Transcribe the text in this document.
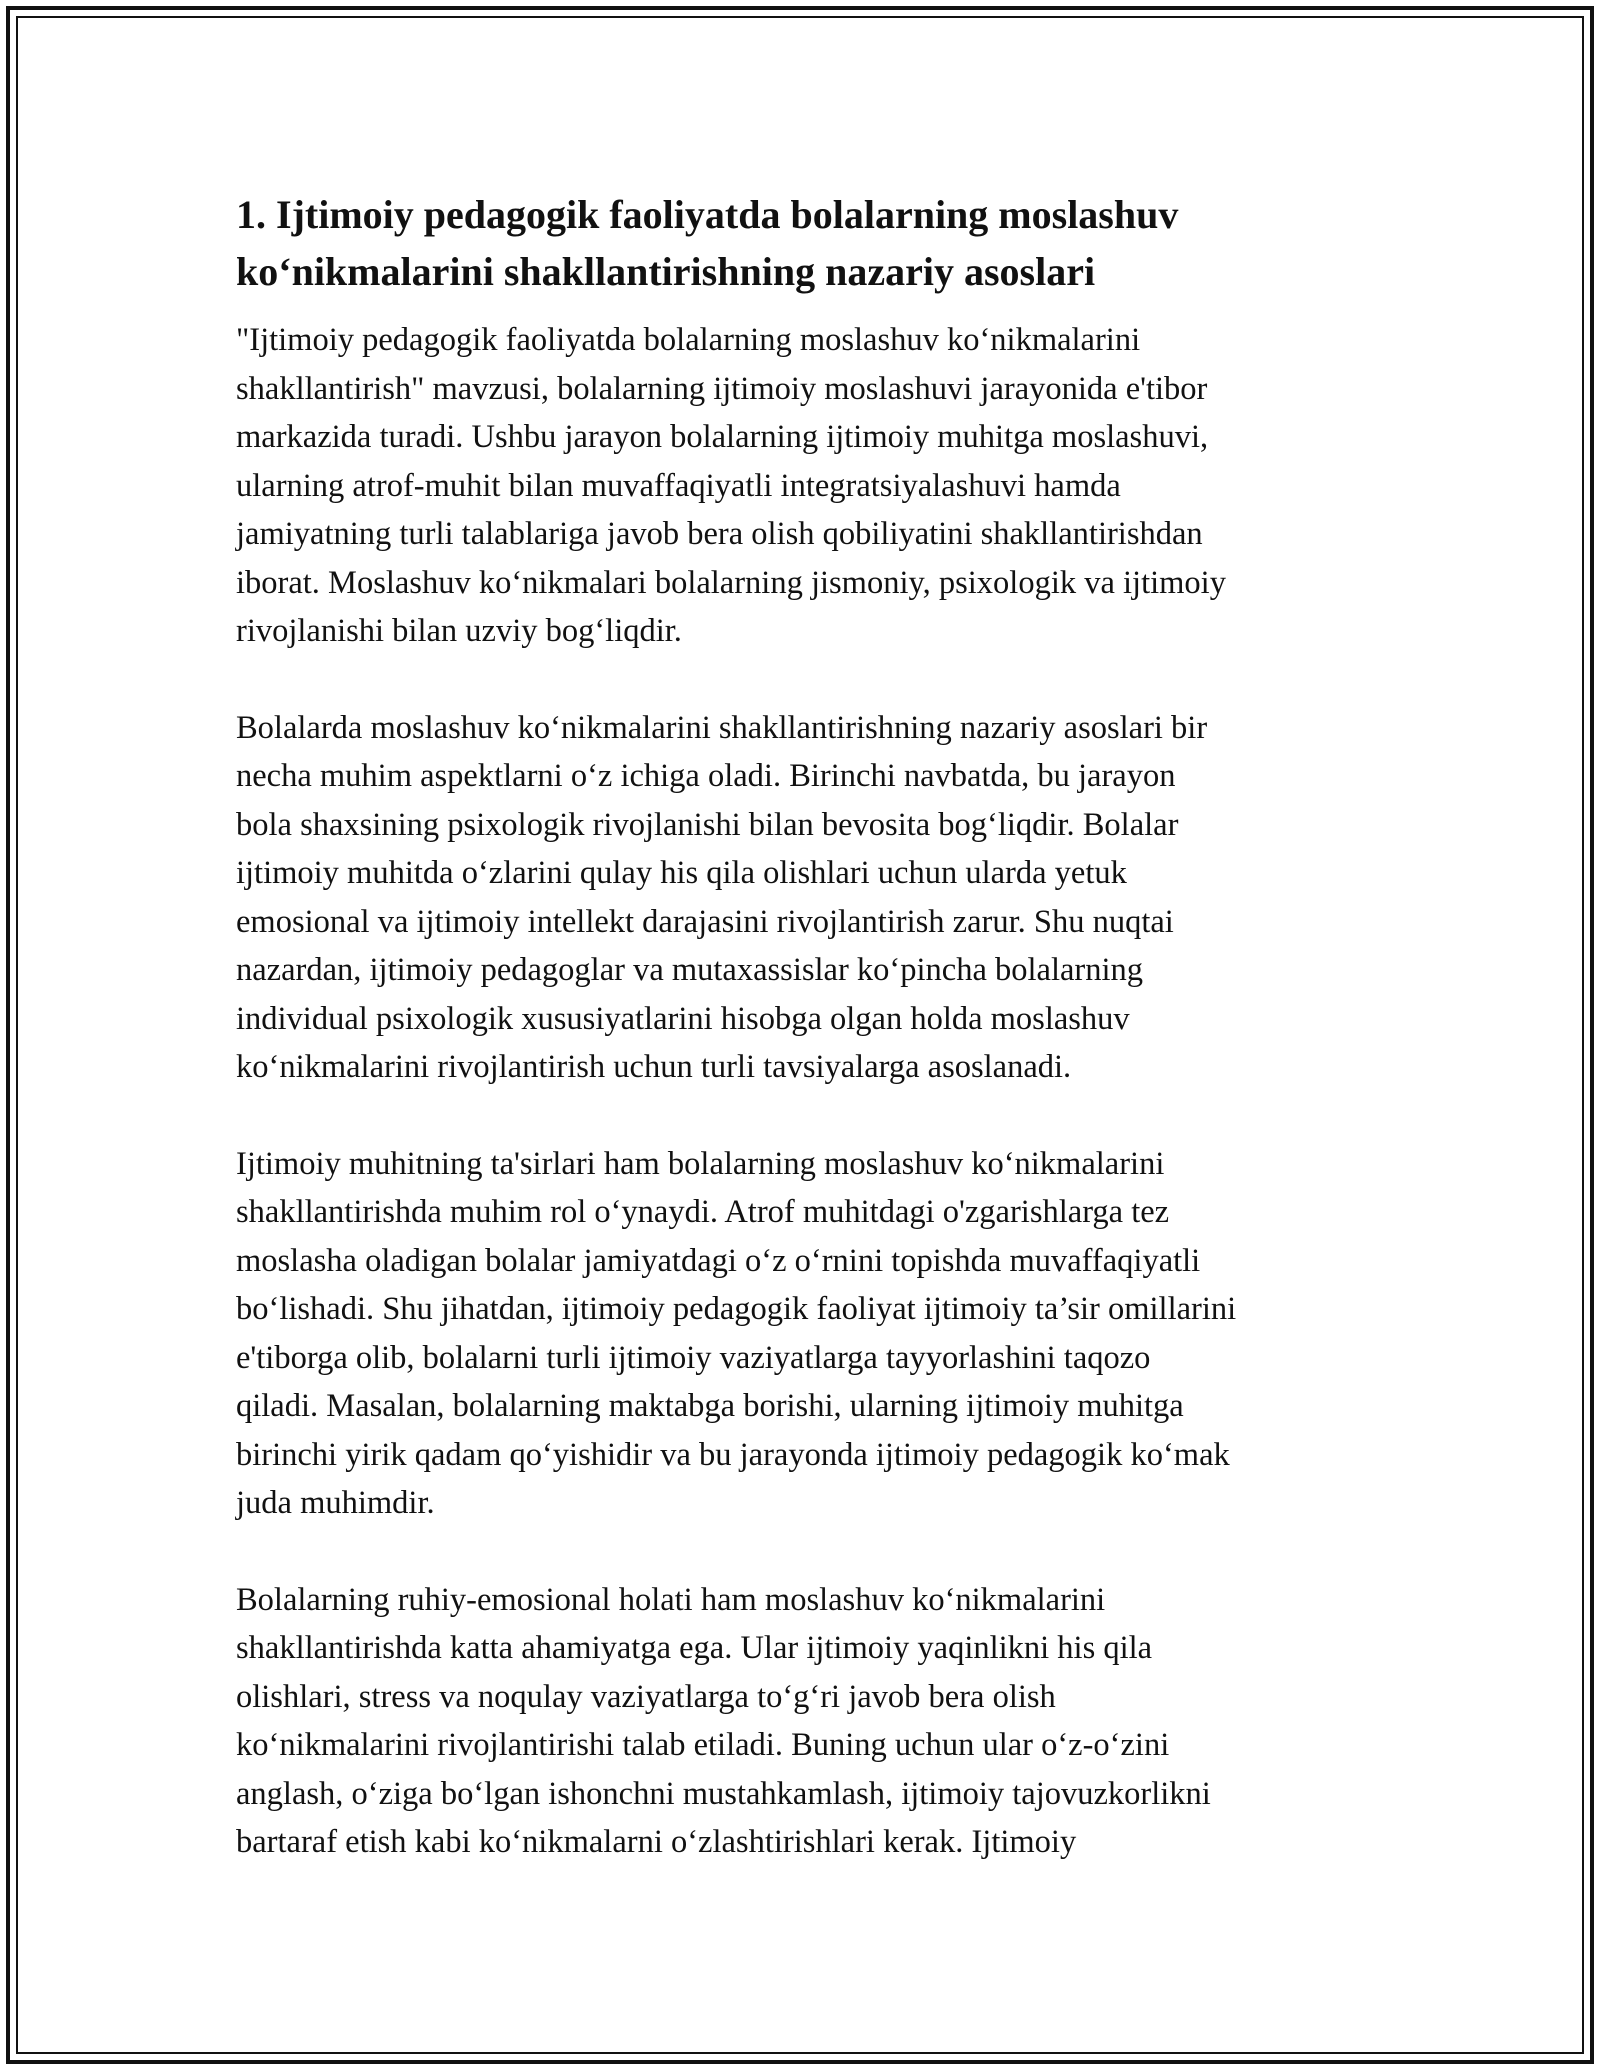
1. Ijtimoiy pedagogik faoliyatda bolalarning moslashuv
ko‘nikmalarini shakllantirishning nazariy asoslari

"Ijtimoiy pedagogik faoliyatda bolalarning moslashuv ko‘nikmalarini
shakllantirish" mavzusi, bolalarning ijtimoiy moslashuvi jarayonida e'tibor
markazida turadi. Ushbu jarayon bolalarning ijtimoiy muhitga moslashuvi,
ularning atrof-muhit bilan muvaffaqiyatli integratsiyalashuvi hamda
jamiyatning turli talablariga javob bera olish qobiliyatini shakllantirishdan
iborat. Moslashuv ko‘nikmalari bolalarning jismoniy, psixologik va ijtimoiy
rivojlanishi bilan uzviy bog‘liqdir.

Bolalarda moslashuv ko‘nikmalarini shakllantirishning nazariy asoslari bir
necha muhim aspektlarni o‘z ichiga oladi. Birinchi navbatda, bu jarayon
bola shaxsining psixologik rivojlanishi bilan bevosita bog‘liqdir. Bolalar
ijtimoiy muhitda o‘zlarini qulay his qila olishlari uchun ularda yetuk
emosional va ijtimoiy intellekt darajasini rivojlantirish zarur. Shu nuqtai
nazardan, ijtimoiy pedagoglar va mutaxassislar ko‘pincha bolalarning
individual psixologik xususiyatlarini hisobga olgan holda moslashuv
ko‘nikmalarini rivojlantirish uchun turli tavsiyalarga asoslanadi.

Ijtimoiy muhitning ta'sirlari ham bolalarning moslashuv ko‘nikmalarini
shakllantirishda muhim rol o‘ynaydi. Atrof muhitdagi o'zgarishlarga tez
moslasha oladigan bolalar jamiyatdagi o‘z o‘rnini topishda muvaffaqiyatli
bo‘lishadi. Shu jihatdan, ijtimoiy pedagogik faoliyat ijtimoiy ta’sir omillarini
e'tiborga olib, bolalarni turli ijtimoiy vaziyatlarga tayyorlashini taqozo
qiladi. Masalan, bolalarning maktabga borishi, ularning ijtimoiy muhitga
birinchi yirik qadam qo‘yishidir va bu jarayonda ijtimoiy pedagogik ko‘mak
juda muhimdir.

Bolalarning ruhiy-emosional holati ham moslashuv ko‘nikmalarini
shakllantirishda katta ahamiyatga ega. Ular ijtimoiy yaqinlikni his qila
olishlari, stress va noqulay vaziyatlarga to‘g‘ri javob bera olish
ko‘nikmalarini rivojlantirishi talab etiladi. Buning uchun ular o‘z-o‘zini
anglash, o‘ziga bo‘lgan ishonchni mustahkamlash, ijtimoiy tajovuzkorlikni
bartaraf etish kabi ko‘nikmalarni o‘zlashtirishlari kerak. Ijtimoiy
